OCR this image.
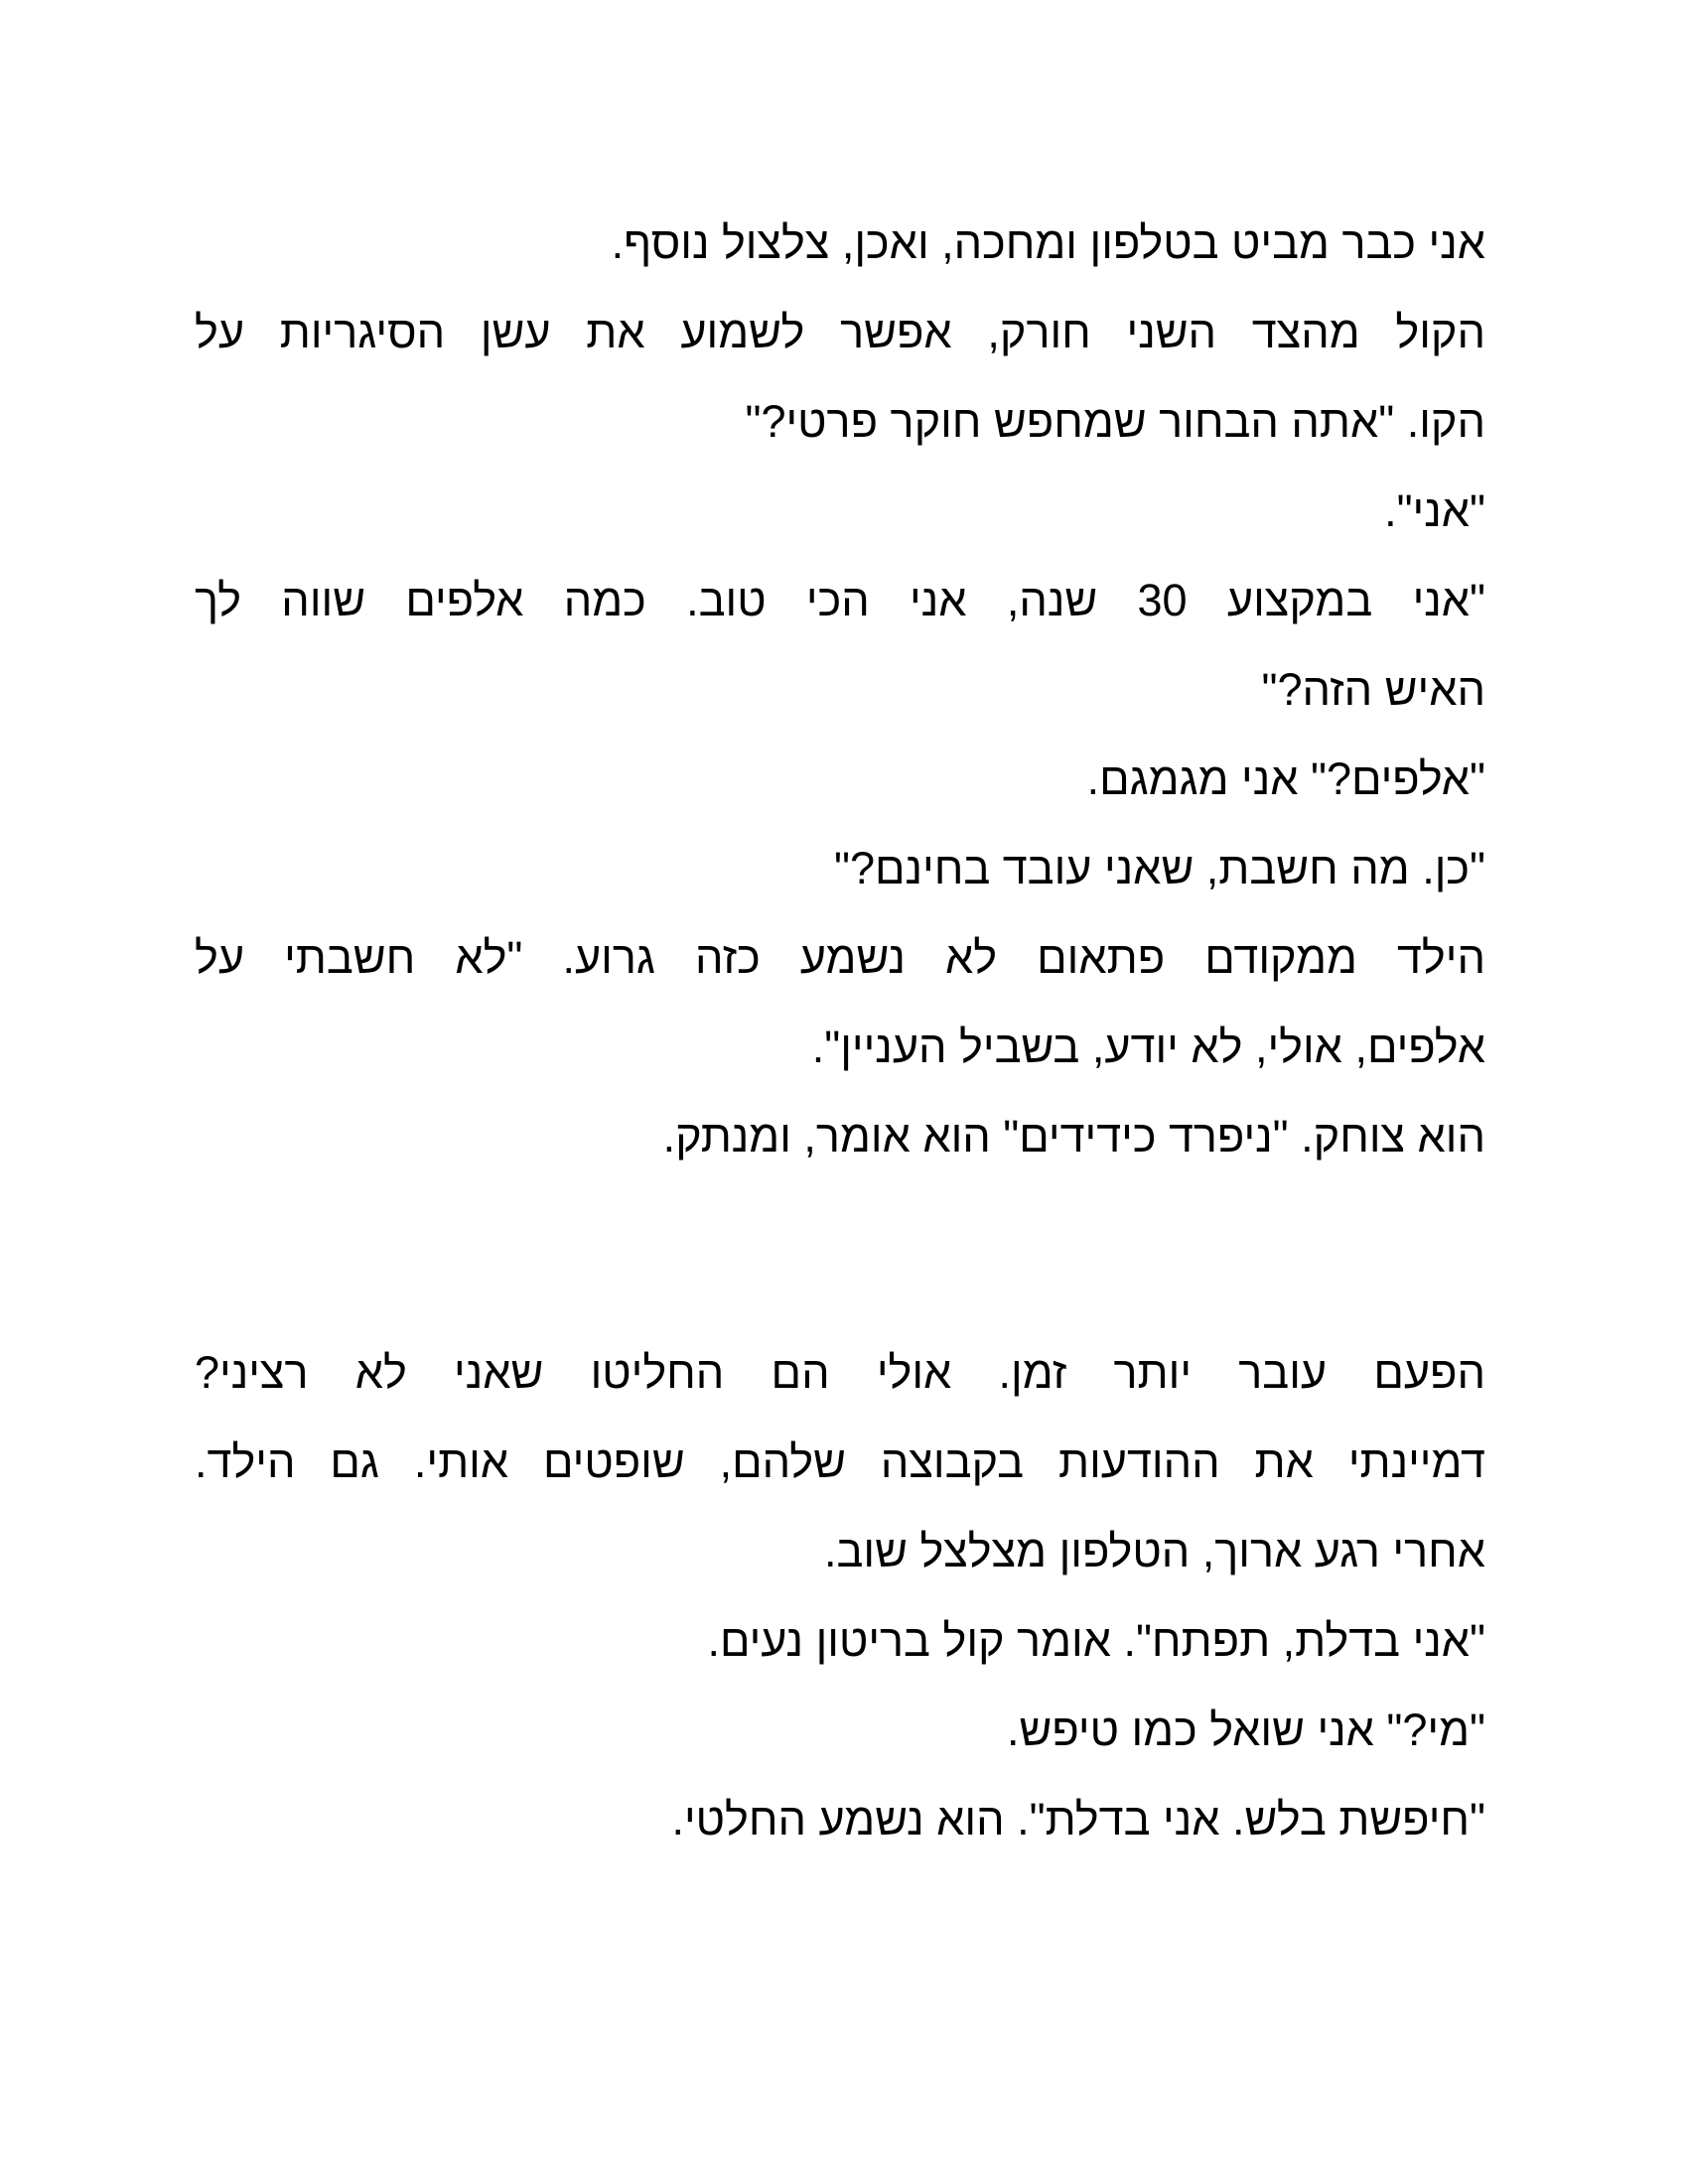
אני כבר מביט בטלפון ומחכה, ואכן, צלצול נוסף.
הקול מהצד השני חורק, אפשר לשמוע את עשן הסיגריות על
הקו. "אתה הבחור שמחפש חוקר פרטי?"
"אני".
"אני במקצוע 30 שנה, אני הכי טוב. כמה אלפים שווה לך
האיש הזה?"
"אלפים?" אני מגמגם.
"כן. מה חשבת, שאני עובד בחינם?"
הילד ממקודם פתאום לא נשמע כזה גרוע. "לא חשבתי על
אלפים, אולי, לא יודע, בשביל העניין".
הוא צוחק. "ניפרד כידידים" הוא אומר, ומנתק.
הפעם עובר יותר זמן. אולי הם החליטו שאני לא רציני?
דמיינתי את ההודעות בקבוצה שלהם, שופטים אותי. גם הילד.
אחרי רגע ארוך, הטלפון מצלצל שוב.
"אני בדלת, תפתח". אומר קול בריטון נעים.
"מי?" אני שואל כמו טיפש.
"חיפשת בלש. אני בדלת". הוא נשמע החלטי.
